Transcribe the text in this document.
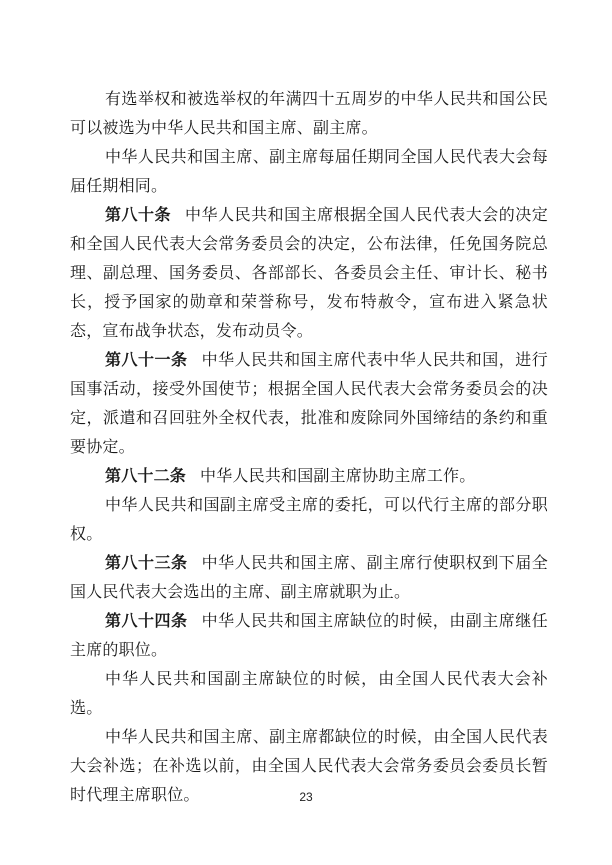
有选举权和被选举权的年满四十五周岁的中华人民共和国公民可以被选为中华人民共和国主席、副主席。

中华人民共和国主席、副主席每届任期同全国人民代表大会每届任期相同。

第八十条 中华人民共和国主席根据全国人民代表大会的决定和全国人民代表大会常务委员会的决定，公布法律，任免国务院总理、副总理、国务委员、各部部长、各委员会主任、审计长、秘书长，授予国家的勋章和荣誉称号，发布特赦令，宣布进入紧急状态，宣布战争状态，发布动员令。

第八十一条 中华人民共和国主席代表中华人民共和国，进行国事活动，接受外国使节；根据全国人民代表大会常务委员会的决定，派遣和召回驻外全权代表，批准和废除同外国缔结的条约和重要协定。

第八十二条 中华人民共和国副主席协助主席工作。

中华人民共和国副主席受主席的委托，可以代行主席的部分职权。

第八十三条 中华人民共和国主席、副主席行使职权到下届全国人民代表大会选出的主席、副主席就职为止。

第八十四条 中华人民共和国主席缺位的时候，由副主席继任主席的职位。

中华人民共和国副主席缺位的时候，由全国人民代表大会补选。

中华人民共和国主席、副主席都缺位的时候，由全国人民代表大会补选；在补选以前，由全国人民代表大会常务委员会委员长暂时代理主席职位。	23
